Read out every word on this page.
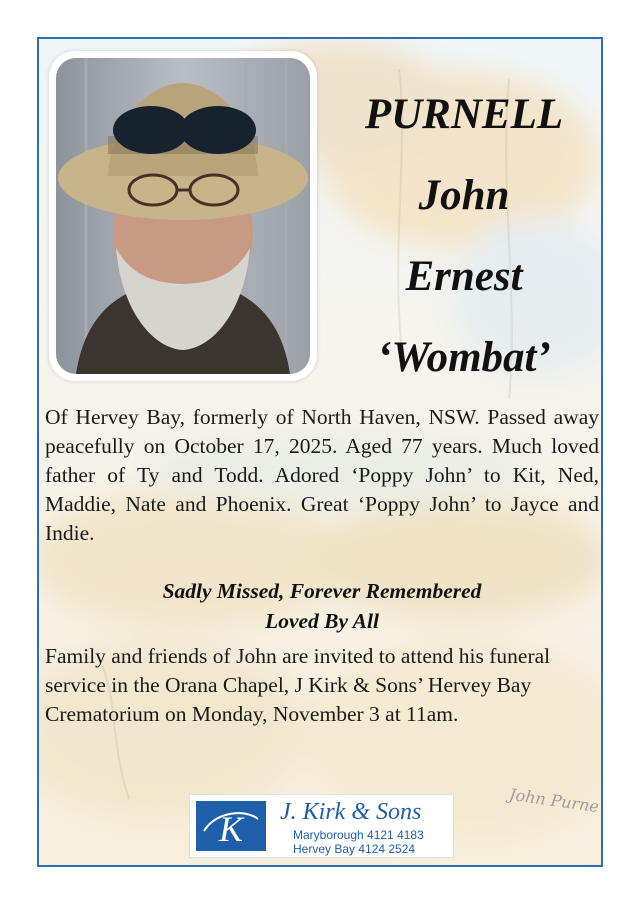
PURNELL
John
Ernest
‘Wombat’
Of Hervey Bay, formerly of North Haven, NSW. Passed away peacefully on October 17, 2025. Aged 77 years. Much loved father of Ty and Todd. Adored ‘Poppy John’ to Kit, Ned, Maddie, Nate and Phoenix. Great ‘Poppy John’ to Jayce and Indie.
Sadly Missed, Forever Remembered
Loved By All
Family and friends of John are invited to attend his funeral service in the Orana Chapel, J Kirk & Sons’ Hervey Bay Crematorium on Monday, November 3 at 11am.
K J. Kirk & Sons
Maryborough 4121 4183
Hervey Bay 4124 2524
John Purne
